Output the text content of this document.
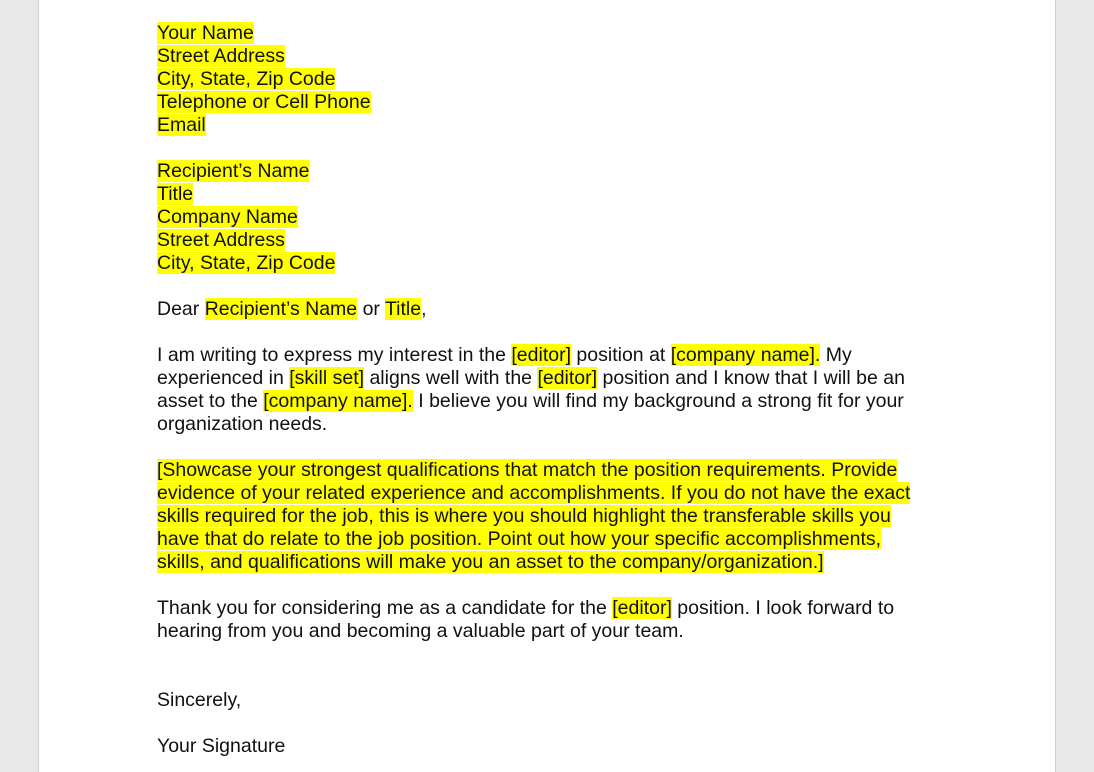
Your Name
Street Address
City, State, Zip Code
Telephone or Cell Phone
Email
Recipient’s Name
Title
Company Name
Street Address
City, State, Zip Code
Dear Recipient’s Name or Title,
I am writing to express my interest in the [editor] position at [company name]. My
experienced in [skill set] aligns well with the [editor] position and I know that I will be an
asset to the [company name]. I believe you will find my background a strong fit for your
organization needs.
[Showcase your strongest qualifications that match the position requirements. Provide
evidence of your related experience and accomplishments. If you do not have the exact
skills required for the job, this is where you should highlight the transferable skills you
have that do relate to the job position. Point out how your specific accomplishments,
skills, and qualifications will make you an asset to the company/organization.]
Thank you for considering me as a candidate for the [editor] position. I look forward to
hearing from you and becoming a valuable part of your team.
Sincerely,
Your Signature
